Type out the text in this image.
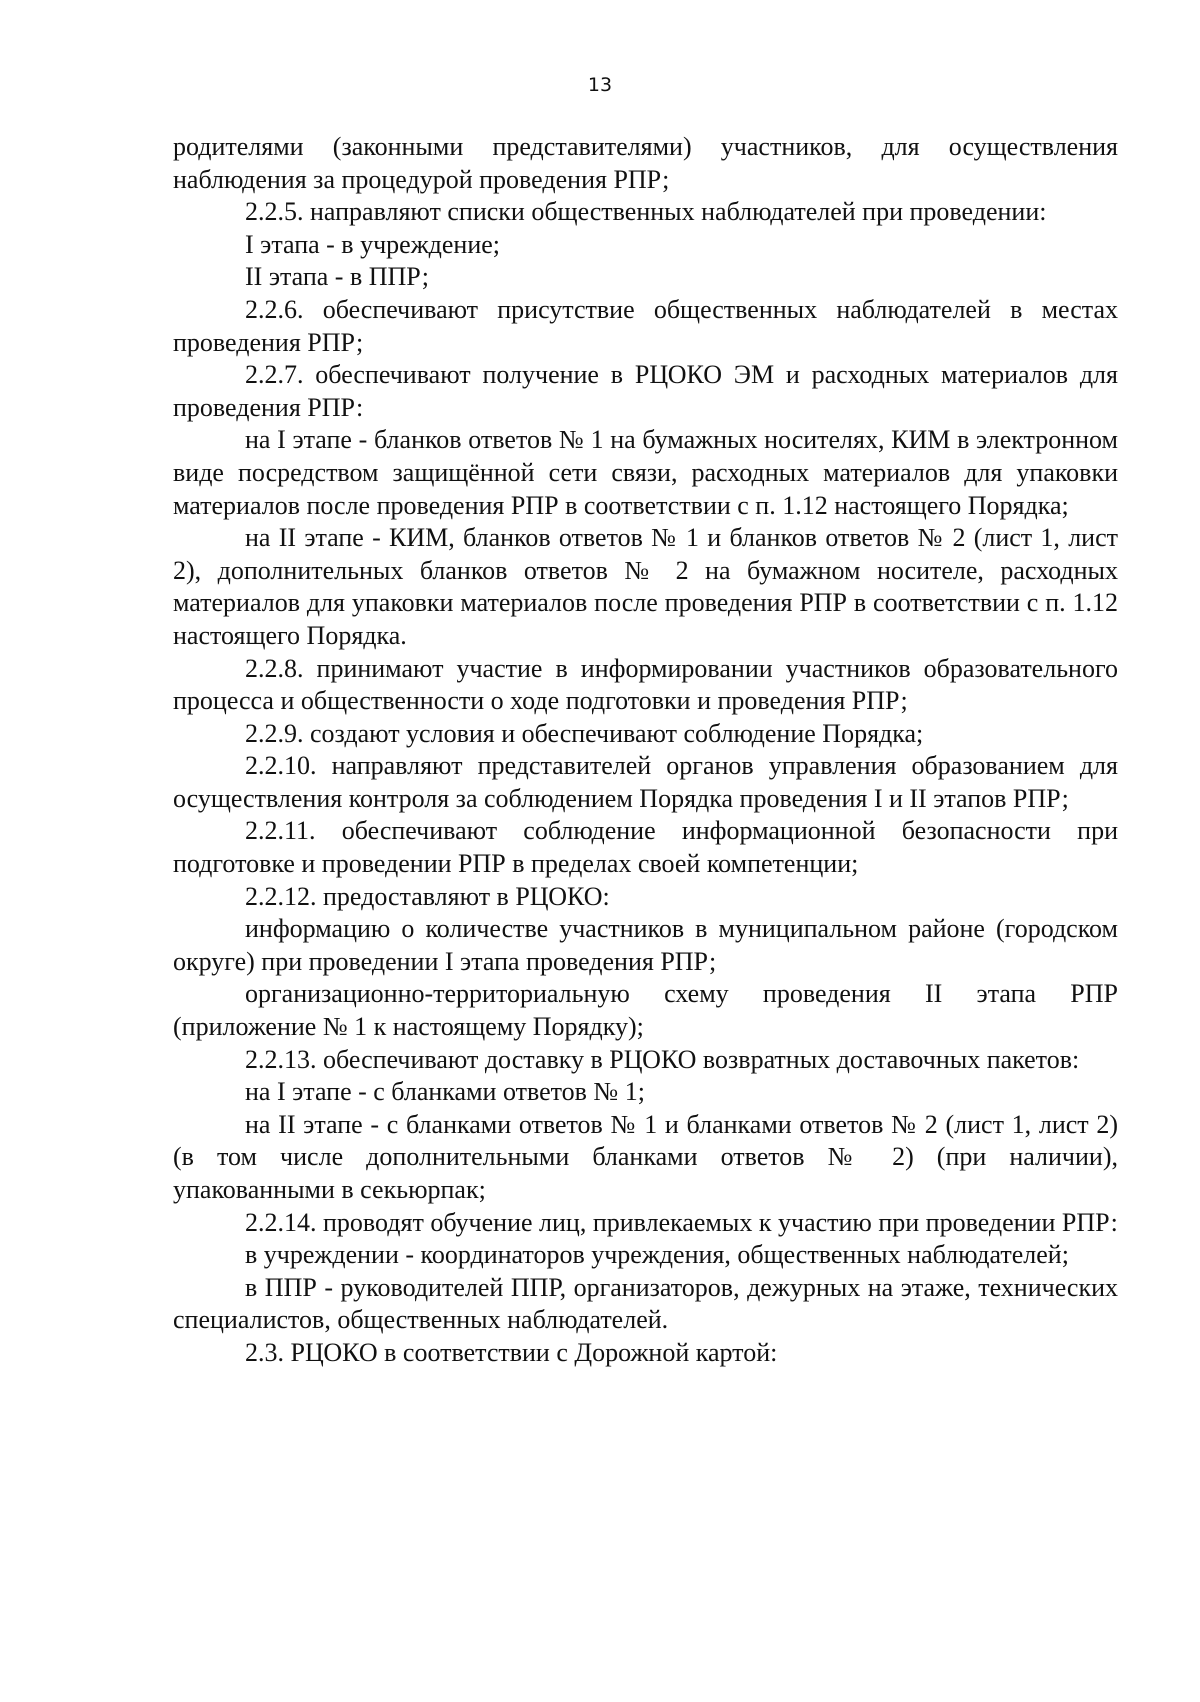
13

родителями (законными представителями) участников, для осуществления наблюдения за процедурой проведения РПР;

2.2.5. направляют списки общественных наблюдателей при проведении:

I этапа - в учреждение;

II этапа - в ППР;

2.2.6. обеспечивают присутствие общественных наблюдателей в местах проведения РПР;

2.2.7. обеспечивают получение в РЦОКО ЭМ и расходных материалов для проведения РПР:

на I этапе - бланков ответов № 1 на бумажных носителях, КИМ в электронном виде посредством защищённой сети связи, расходных материалов для упаковки материалов после проведения РПР в соответствии с п. 1.12 настоящего Порядка;

на II этапе - КИМ, бланков ответов № 1 и бланков ответов № 2 (лист 1, лист 2), дополнительных бланков ответов № 2 на бумажном носителе, расходных материалов для упаковки материалов после проведения РПР в соответствии с п. 1.12 настоящего Порядка.

2.2.8. принимают участие в информировании участников образовательного процесса и общественности о ходе подготовки и проведения РПР;

2.2.9. создают условия и обеспечивают соблюдение Порядка;

2.2.10. направляют представителей органов управления образованием для осуществления контроля за соблюдением Порядка проведения I и II этапов РПР;

2.2.11. обеспечивают соблюдение информационной безопасности при подготовке и проведении РПР в пределах своей компетенции;

2.2.12. предоставляют в РЦОКО:

информацию о количестве участников в муниципальном районе (городском округе) при проведении I этапа проведения РПР;

организационно-территориальную схему проведения II этапа РПР (приложение № 1 к настоящему Порядку);

2.2.13. обеспечивают доставку в РЦОКО возвратных доставочных пакетов:

на I этапе - с бланками ответов № 1;

на II этапе - с бланками ответов № 1 и бланками ответов № 2 (лист 1, лист 2) (в том числе дополнительными бланками ответов № 2) (при наличии), упакованными в секьюрпак;

2.2.14. проводят обучение лиц, привлекаемых к участию при проведении РПР:

в учреждении - координаторов учреждения, общественных наблюдателей;

в ППР - руководителей ППР, организаторов, дежурных на этаже, технических специалистов, общественных наблюдателей.

2.3. РЦОКО в соответствии с Дорожной картой:
